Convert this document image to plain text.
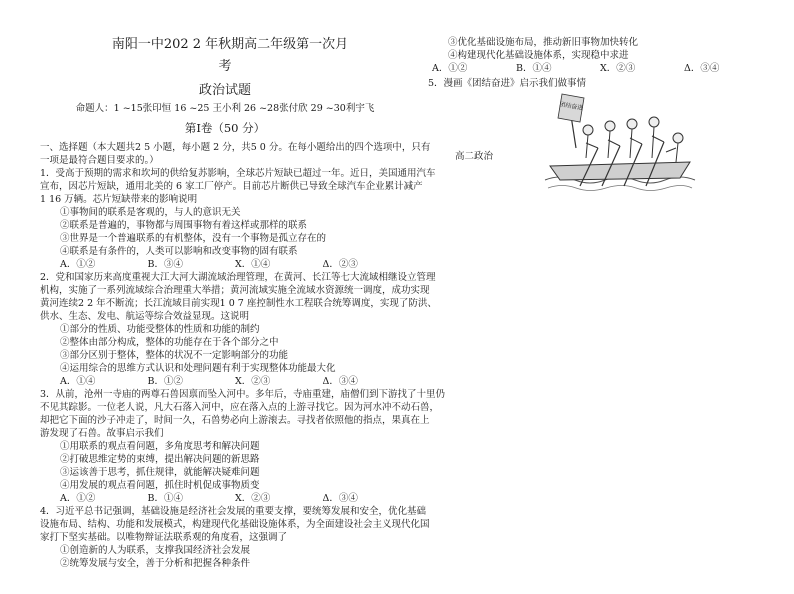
南阳一中202 2 年秋期高二年级第一次月
考
政治试题
命题人：1 ~15张印恒 16 ~25 王小利 26 ~28张付欣 29 ~30利宇飞
第Ⅰ卷（50 分）
一、选择题（本大题共2 5 小题，每小题 2 分，共5 0 分。在每小题给出的四个选项中，只有
一项是最符合题目要求的。）
1．受高于预期的需求和坎坷的供给复苏影响，全球芯片短缺已超过一年。近日，美国通用汽车
宣布，因芯片短缺，通用北美的 6 家工厂停产。目前芯片断供已导致全球汽车企业累计减产
1 16 万辆。芯片短缺带来的影响说明
①事物间的联系是客观的，与人的意识无关
②联系是普遍的，事物都与周围事物有着这样或那样的联系
③世界是一个普遍联系的有机整体，没有一个事物是孤立存在的
④联系是有条件的，人类可以影响和改变事物的固有联系
A．①②	B．③④	X．①④	Δ．②③
2．党和国家历来高度重视大江大河大湖流域治理管理，在黄河、长江等七大流域相继设立管理
机构，实施了一系列流域综合治理重大举措；黄河流域实施全流域水资源统一调度，成功实现
黄河连续2 2 年不断流；长江流域目前实现1 0 7 座控制性水工程联合统筹调度，实现了防洪、
供水、生态、发电、航运等综合效益显现。这说明
①部分的性质、功能受整体的性质和功能的制约
②整体由部分构成，整体的功能存在于各个部分之中
③部分区别于整体，整体的状况不一定影响部分的功能
④运用综合的思维方式认识和处理问题有利于实现整体功能最大化
A．①④	B．①②	X．②③	Δ．③④
3．从前，沧州一寺庙的两尊石兽因禀而坠入河中。多年后，寺庙重建，庙僧们到下游找了十里仍
不见其踪影。一位老人说，凡大石落入河中，应在落入点的上游寻找它。因为河水冲不动石兽，
却把它下面的沙子冲走了，时间一久，石兽势必向上游滚去。寻找者依照他的指点，果真在上
游发现了石兽。故事启示我们
①用联系的观点看问题，多角度思考和解决问题
②打破思维定势的束缚，提出解决问题的新思路
③运该善于思考，抓住规律，就能解决疑难问题
④用发展的观点看问题，抓住时机促成事物质变
A．①②	B．①④	X．②③	Δ．③④
4．习近平总书记强调，基础设施是经济社会发展的重要支撑，要统筹发展和安全，优化基础
设施布局、结构、功能和发展模式，构建现代化基础设施体系，为全面建设社会主义现代化国
家打下坚实基础。以唯物辩证法联系观的角度看，这强调了
①创造新的人为联系，支撑我国经济社会发展
②统筹发展与安全，善于分析和把握各种条件
③优化基础设施布局，推动新旧事物加快转化
④构建现代化基础设施体系，实现稳中求进
A．①②	B．①④	X．②③	Δ．③④
5．漫画《团结奋进》启示我们做事情
高二政治
团结奋进
